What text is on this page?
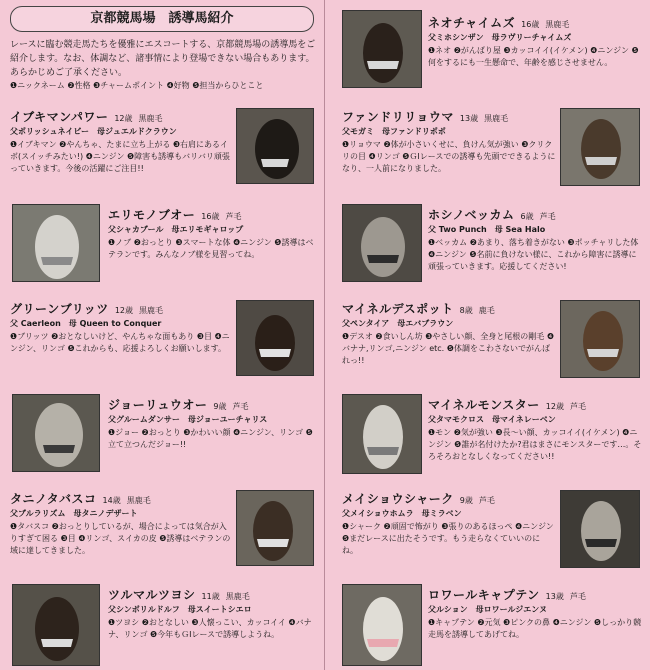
京都競馬場　誘導馬紹介
レースに臨む競走馬たちを優雅にエスコートする、京都競馬場の誘導馬をご紹介します。なお、体調など、諸事情により登場できない場合もあります。あらかじめご了承ください。
❶ニックネーム ❷性格 ❸チャームポイント ❹好物 ❺担当からひとこと
イブキマンパワー 12歳 黒鹿毛
父ポリッシュネイビー　母ジュエルドクラウン
❶イブキマン ❷やんちゃ、たまに立ち上がる ❸右肩にあるイボ(スイッチみたい!) ❹ニンジン ❺障害も誘導もバリバリ頑張っていきます。今後の活躍にご注目!!
エリモノブオー 16歳 芦毛
父シャカブール　母エリモギャロップ
❶ノブ ❷おっとり ❸スマートな体 ❹ニンジン ❺誘導はベテランです。みんなノブ様を見習ってね。
グリーンブリッツ 12歳 黒鹿毛
父 Caerleon　母 Queen to Conquer
❶ブリッツ ❷おとなしいけど、やんちゃな面もあり ❸目 ❹ニンジン、リンゴ ❺これからも、応援よろしくお願いします。
ジョーリュウオー 9歳 芦毛
父グルームダンサー　母ジョーユーチャリス
❶ジョー ❷おっとり ❸かわいい顔 ❹ニンジン、リンゴ ❺立て立つんだジョー!!
タニノタバスコ 14歳 黒鹿毛
父ブルラリズム　母タニノデザート
❶タバスコ ❷おっとりしているが、場合によっては気合が入りすぎて困る ❸目 ❹リンゴ、スイカの皮 ❺誘導はベテランの域に達してきました。
ツルマルツヨシ 11歳 黒鹿毛
父シンボリルドルフ　母スイートシエロ
❶ツヨシ ❷おとなしい ❸人懐っこい、カッコイイ ❹バナナ、リンゴ ❺今年もＧⅠレースで誘導しようね。
ネオチャイムズ 16歳 黒鹿毛
父ミホシンザン　母ラヴリーチャイムズ
❶ネオ ❷がんばり屋 ❸カッコイイ(イケメン) ❹ニンジン ❺何をするにも一生懸命で、年齢を感じさせません。
ファンドリリョウマ 13歳 黒鹿毛
父モガミ　母ファンドリポポ
❶リョウマ ❷体が小さいくせに、負けん気が強い ❸クリクリの目 ❹リンゴ ❺ＧⅠレースでの誘導も先頭でできるようになり、一人前になりました。
ホシノベッカム 6歳 芦毛
父 Two Punch　母 Sea Halo
❶ベッカム ❷あまり、落ち着きがない ❸ポッチャリした体 ❹ニンジン ❺名前に負けない様に、これから障害に誘導に頑張っていきます。応援してください!
マイネルデスポット 8歳 鹿毛
父ペンタイア　母エバブラウン
❶デスオ ❷食いしん坊 ❸やさしい顔、全身と尾根の剛毛 ❹バナナ,リンゴ,ニンジン etc. ❺体調をこわさないでがんばれっ!!
マイネルモンスター 12歳 芦毛
父タマモクロス　母マイネレーベン
❶モン ❷気が強い ❸長～い顔、カッコイイ(イケメン) ❹ニンジン ❺誰が名付けたか?君はまさにモンスターです…。そろそろおとなしくなってください!!
メイショウシャーク 9歳 芦毛
父メイショウホムラ　母ミラベン
❶シャーク ❷頑固で怖がり ❸張りのあるほっぺ ❹ニンジン ❺まだレースに出たそうです。もう走らなくていいのにね。
ロワールキャプテン 13歳 芦毛
父ルション　母ロワールジエンヌ
❶キャプテン ❷元気 ❸ピンクの鼻 ❹ニンジン ❺しっかり競走馬を誘導してあげてね。
